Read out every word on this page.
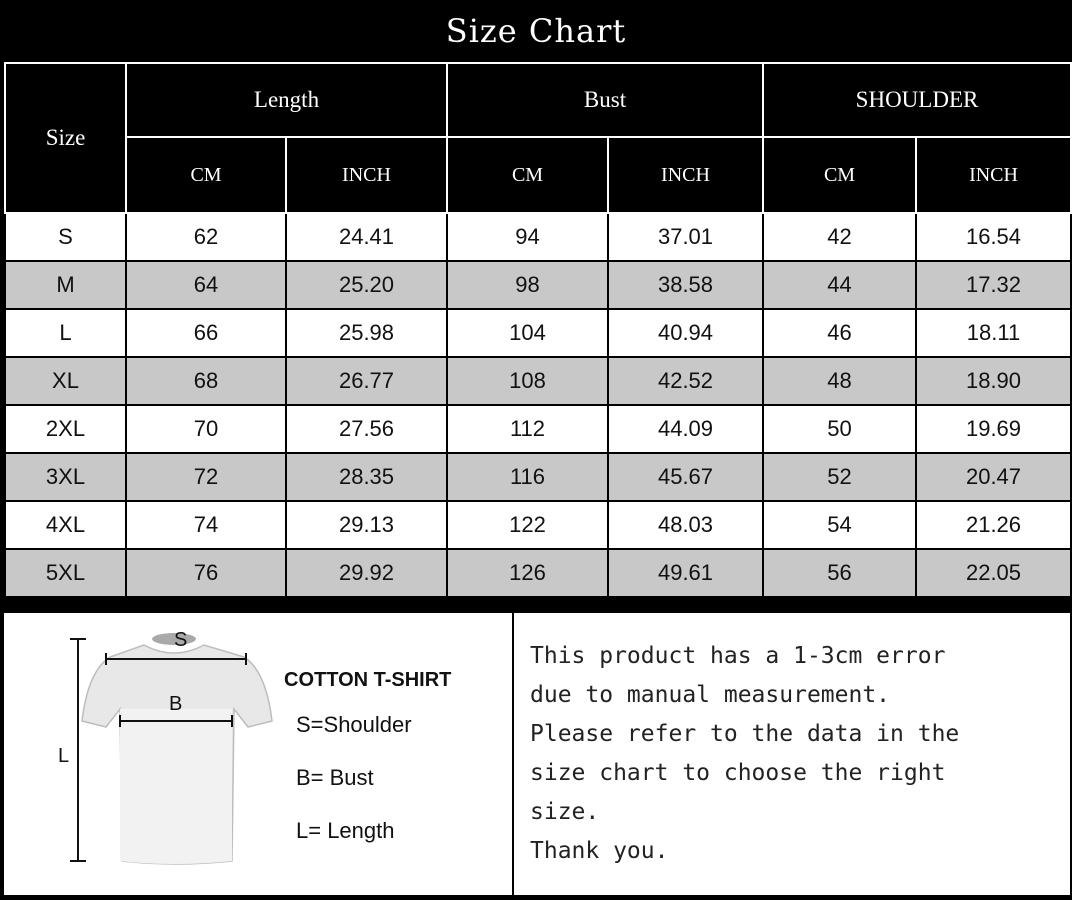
Size Chart
Size	Length		Bust		SHOULDER	
	CM	INCH	CM	INCH	CM	INCH
S	62	24.41	94	37.01	42	16.54
M	64	25.20	98	38.58	44	17.32
L	66	25.98	104	40.94	46	18.11
XL	68	26.77	108	42.52	48	18.90
2XL	70	27.56	112	44.09	50	19.69
3XL	72	28.35	116	45.67	52	20.47
4XL	74	29.13	122	48.03	54	21.26
5XL	76	29.92	126	49.61	56	22.05
S
B
L
COTTON T-SHIRT
S=Shoulder
B= Bust
L= Length
This product has a 1-3cm error
due to manual measurement.
Please refer to the data in the
size chart to choose the right
size.
Thank you.
